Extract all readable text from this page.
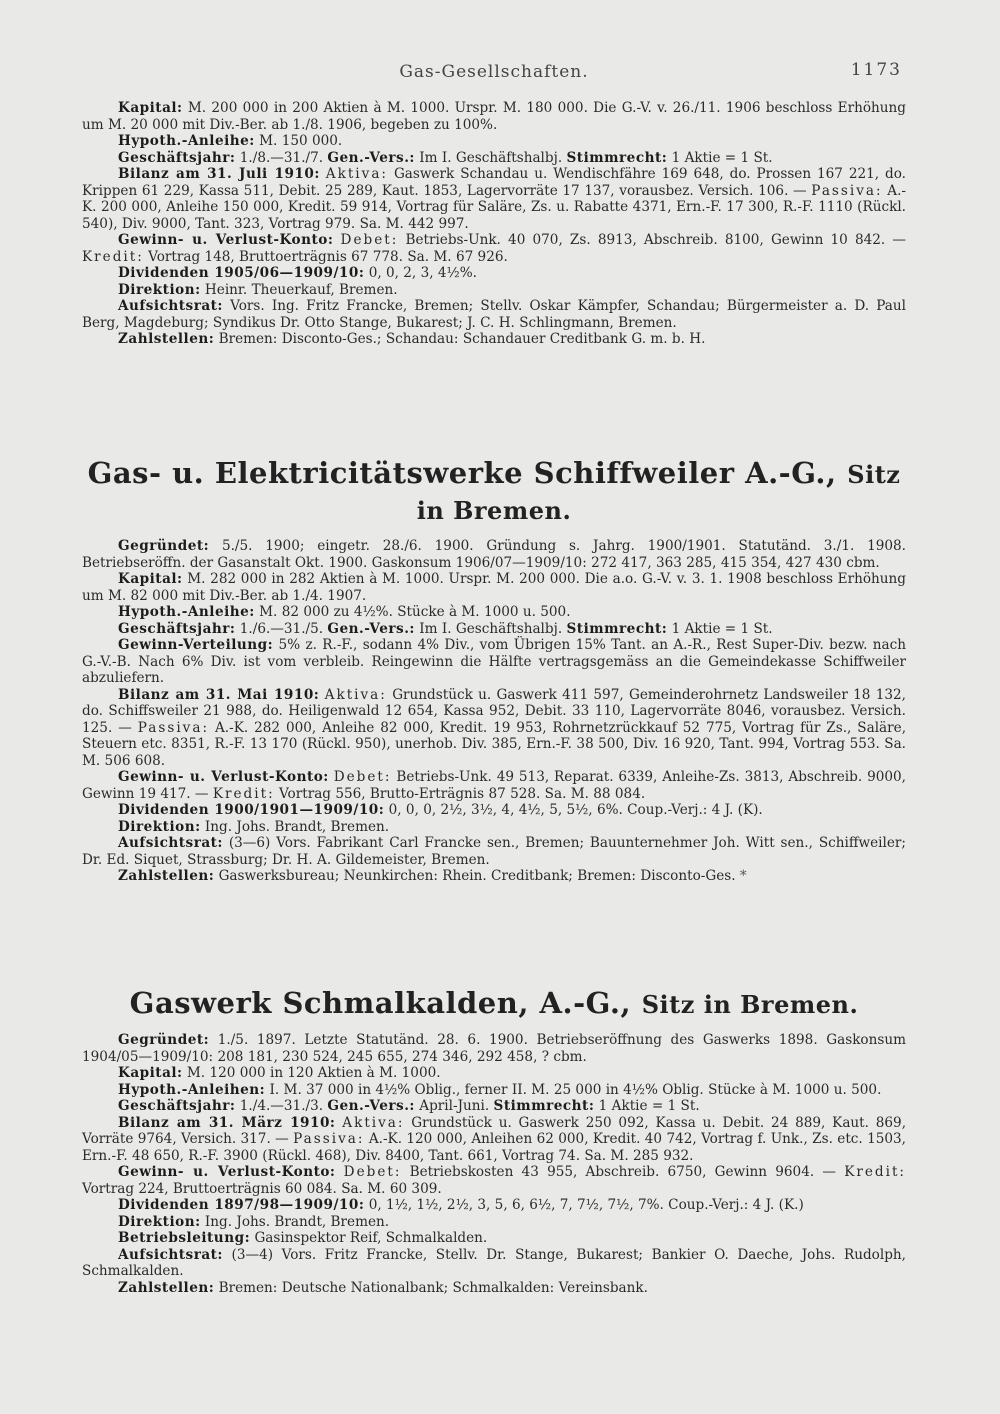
Gas-Gesellschaften.	1173

Kapital: M. 200 000 in 200 Aktien à M. 1000. Urspr. M. 180 000. Die G.-V. v. 26./11. 1906 beschloss Erhöhung um M. 20 000 mit Div.-Ber. ab 1./8. 1906, begeben zu 100%.

Hypoth.-Anleihe: M. 150 000.

Geschäftsjahr: 1./8.—31./7. Gen.-Vers.: Im I. Geschäftshalbj. Stimmrecht: 1 Aktie = 1 St.

Bilanz am 31. Juli 1910: Aktiva: Gaswerk Schandau u. Wendischfähre 169 648, do. Prossen 167 221, do. Krippen 61 229, Kassa 511, Debit. 25 289, Kaut. 1853, Lagervorräte 17 137, vorausbez. Versich. 106. — Passiva: A.-K. 200 000, Anleihe 150 000, Kredit. 59 914, Vortrag für Saläre, Zs. u. Rabatte 4371, Ern.-F. 17 300, R.-F. 1110 (Rückl. 540), Div. 9000, Tant. 323, Vortrag 979. Sa. M. 442 997.

Gewinn- u. Verlust-Konto: Debet: Betriebs-Unk. 40 070, Zs. 8913, Abschreib. 8100, Gewinn 10 842. — Kredit: Vortrag 148, Bruttoerträgnis 67 778. Sa. M. 67 926.

Dividenden 1905/06—1909/10: 0, 0, 2, 3, 4½%.

Direktion: Heinr. Theuerkauf, Bremen.

Aufsichtsrat: Vors. Ing. Fritz Francke, Bremen; Stellv. Oskar Kämpfer, Schandau; Bürgermeister a. D. Paul Berg, Magdeburg; Syndikus Dr. Otto Stange, Bukarest; J. C. H. Schlingmann, Bremen.

Zahlstellen: Bremen: Disconto-Ges.; Schandau: Schandauer Creditbank G. m. b. H.

Gas- u. Elektricitätswerke Schiffweiler A.-G., Sitz in Bremen.

Gegründet: 5./5. 1900; eingetr. 28./6. 1900. Gründung s. Jahrg. 1900/1901. Statutänd. 3./1. 1908. Betriebseröffn. der Gasanstalt Okt. 1900. Gaskonsum 1906/07—1909/10: 272 417, 363 285, 415 354, 427 430 cbm.

Kapital: M. 282 000 in 282 Aktien à M. 1000. Urspr. M. 200 000. Die a.o. G.-V. v. 3. 1. 1908 beschloss Erhöhung um M. 82 000 mit Div.-Ber. ab 1./4. 1907.

Hypoth.-Anleihe: M. 82 000 zu 4½%. Stücke à M. 1000 u. 500.

Geschäftsjahr: 1./6.—31./5. Gen.-Vers.: Im I. Geschäftshalbj. Stimmrecht: 1 Aktie = 1 St.

Gewinn-Verteilung: 5% z. R.-F., sodann 4% Div., vom Übrigen 15% Tant. an A.-R., Rest Super-Div. bezw. nach G.-V.-B. Nach 6% Div. ist vom verbleib. Reingewinn die Hälfte vertragsgemäss an die Gemeindekasse Schiffweiler abzuliefern.

Bilanz am 31. Mai 1910: Aktiva: Grundstück u. Gaswerk 411 597, Gemeinderohrnetz Landsweiler 18 132, do. Schiffsweiler 21 988, do. Heiligenwald 12 654, Kassa 952, Debit. 33 110, Lagervorräte 8046, vorausbez. Versich. 125. — Passiva: A.-K. 282 000, Anleihe 82 000, Kredit. 19 953, Rohrnetzrückkauf 52 775, Vortrag für Zs., Saläre, Steuern etc. 8351, R.-F. 13 170 (Rückl. 950), unerhob. Div. 385, Ern.-F. 38 500, Div. 16 920, Tant. 994, Vortrag 553. Sa. M. 506 608.

Gewinn- u. Verlust-Konto: Debet: Betriebs-Unk. 49 513, Reparat. 6339, Anleihe-Zs. 3813, Abschreib. 9000, Gewinn 19 417. — Kredit: Vortrag 556, Brutto-Erträgnis 87 528. Sa. M. 88 084.

Dividenden 1900/1901—1909/10: 0, 0, 0, 2½, 3½, 4, 4½, 5, 5½, 6%. Coup.-Verj.: 4 J. (K).

Direktion: Ing. Johs. Brandt, Bremen.

Aufsichtsrat: (3—6) Vors. Fabrikant Carl Francke sen., Bremen; Bauunternehmer Joh. Witt sen., Schiffweiler; Dr. Ed. Siquet, Strassburg; Dr. H. A. Gildemeister, Bremen.

Zahlstellen: Gaswerksbureau; Neunkirchen: Rhein. Creditbank; Bremen: Disconto-Ges. *

Gaswerk Schmalkalden, A.-G., Sitz in Bremen.

Gegründet: 1./5. 1897. Letzte Statutänd. 28. 6. 1900. Betriebseröffnung des Gaswerks 1898. Gaskonsum 1904/05—1909/10: 208 181, 230 524, 245 655, 274 346, 292 458, ? cbm.

Kapital: M. 120 000 in 120 Aktien à M. 1000.

Hypoth.-Anleihen: I. M. 37 000 in 4½% Oblig., ferner II. M. 25 000 in 4½% Oblig. Stücke à M. 1000 u. 500.

Geschäftsjahr: 1./4.—31./3. Gen.-Vers.: April-Juni. Stimmrecht: 1 Aktie = 1 St.

Bilanz am 31. März 1910: Aktiva: Grundstück u. Gaswerk 250 092, Kassa u. Debit. 24 889, Kaut. 869, Vorräte 9764, Versich. 317. — Passiva: A.-K. 120 000, Anleihen 62 000, Kredit. 40 742, Vortrag f. Unk., Zs. etc. 1503, Ern.-F. 48 650, R.-F. 3900 (Rückl. 468), Div. 8400, Tant. 661, Vortrag 74. Sa. M. 285 932.

Gewinn- u. Verlust-Konto: Debet: Betriebskosten 43 955, Abschreib. 6750, Gewinn 9604. — Kredit: Vortrag 224, Bruttoerträgnis 60 084. Sa. M. 60 309.

Dividenden 1897/98—1909/10: 0, 1½, 1½, 2½, 3, 5, 6, 6½, 7, 7½, 7½, 7%. Coup.-Verj.: 4 J. (K.)

Direktion: Ing. Johs. Brandt, Bremen.

Betriebsleitung: Gasinspektor Reif, Schmalkalden.

Aufsichtsrat: (3—4) Vors. Fritz Francke, Stellv. Dr. Stange, Bukarest; Bankier O. Daeche, Johs. Rudolph, Schmalkalden.

Zahlstellen: Bremen: Deutsche Nationalbank; Schmalkalden: Vereinsbank.
